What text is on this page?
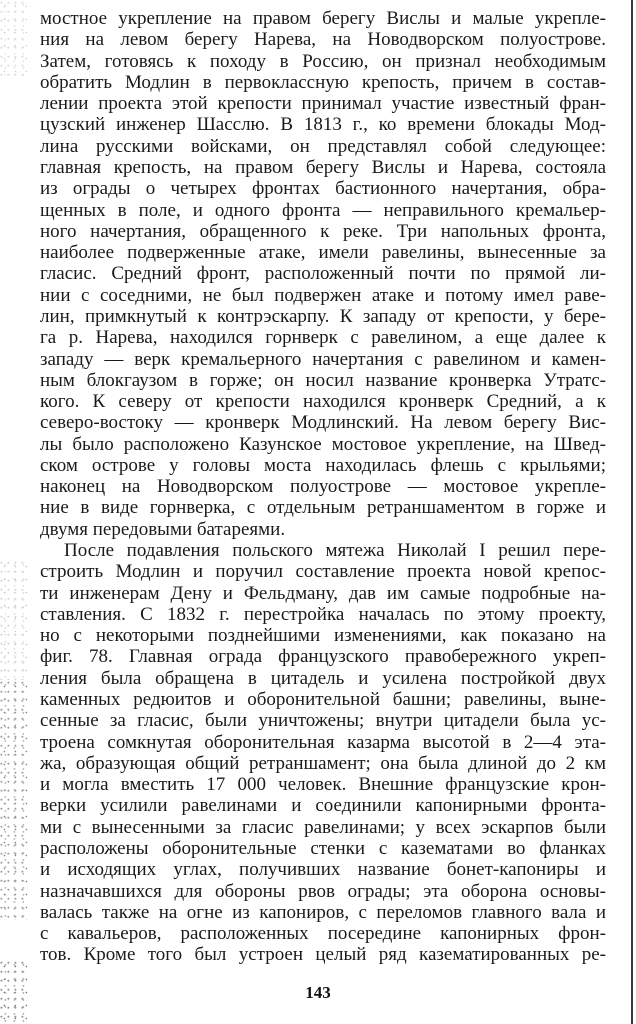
мостное укрепление на правом берегу Вислы и малые укрепле-
ния на левом берегу Нарева, на Новодворском полуострове.
Затем, готовясь к походу в Россию, он признал необходимым
обратить Модлин в первоклассную крепость, причем в состав-
лении проекта этой крепости принимал участие известный фран-
цузский инженер Шасслю. В 1813 г., ко времени блокады Мод-
лина русскими войсками, он представлял собой следующее:
главная крепость, на правом берегу Вислы и Нарева, состояла
из ограды о четырех фронтах бастионного начертания, обра-
щенных в поле, и одного фронта — неправильного кремальер-
ного начертания, обращенного к реке. Три напольных фронта,
наиболее подверженные атаке, имели равелины, вынесенные за
гласис. Средний фронт, расположенный почти по прямой ли-
нии с соседними, не был подвержен атаке и потому имел раве-
лин, примкнутый к контрэскарпу. К западу от крепости, у бере-
га р. Нарева, находился горнверк с равелином, а еще далее к
западу — верк кремальерного начертания с равелином и камен-
ным блокгаузом в горже; он носил название кронверка Утратс-
кого. К северу от крепости находился кронверк Средний, а к
северо-востоку — кронверк Модлинский. На левом берегу Вис-
лы было расположено Казунское мостовое укрепление, на Швед-
ском острове у головы моста находилась флешь с крыльями;
наконец на Новодворском полуострове — мостовое укрепле-
ние в виде горнверка, с отдельным ретраншаментом в горже и
двумя передовыми батареями.
После подавления польского мятежа Николай I решил пере-
строить Модлин и поручил составление проекта новой крепос-
ти инженерам Дену и Фельдману, дав им самые подробные на-
ставления. С 1832 г. перестройка началась по этому проекту,
но с некоторыми позднейшими изменениями, как показано на
фиг. 78. Главная ограда французского правобережного укреп-
ления была обращена в цитадель и усилена постройкой двух
каменных редюитов и оборонительной башни; равелины, выне-
сенные за гласис, были уничтожены; внутри цитадели была ус-
троена сомкнутая оборонительная казарма высотой в 2—4 эта-
жа, образующая общий ретраншамент; она была длиной до 2 км
и могла вместить 17 000 человек. Внешние французские крон-
верки усилили равелинами и соединили капонирными фронта-
ми с вынесенными за гласис равелинами; у всех эскарпов были
расположены оборонительные стенки с казематами во фланках
и исходящих углах, получивших название бонет-капониры и
назначавшихся для обороны рвов ограды; эта оборона основы-
валась также на огне из капониров, с переломов главного вала и
с кавальеров, расположенных посередине капонирных фрон-
тов. Кроме того был устроен целый ряд казематированных ре-
143
